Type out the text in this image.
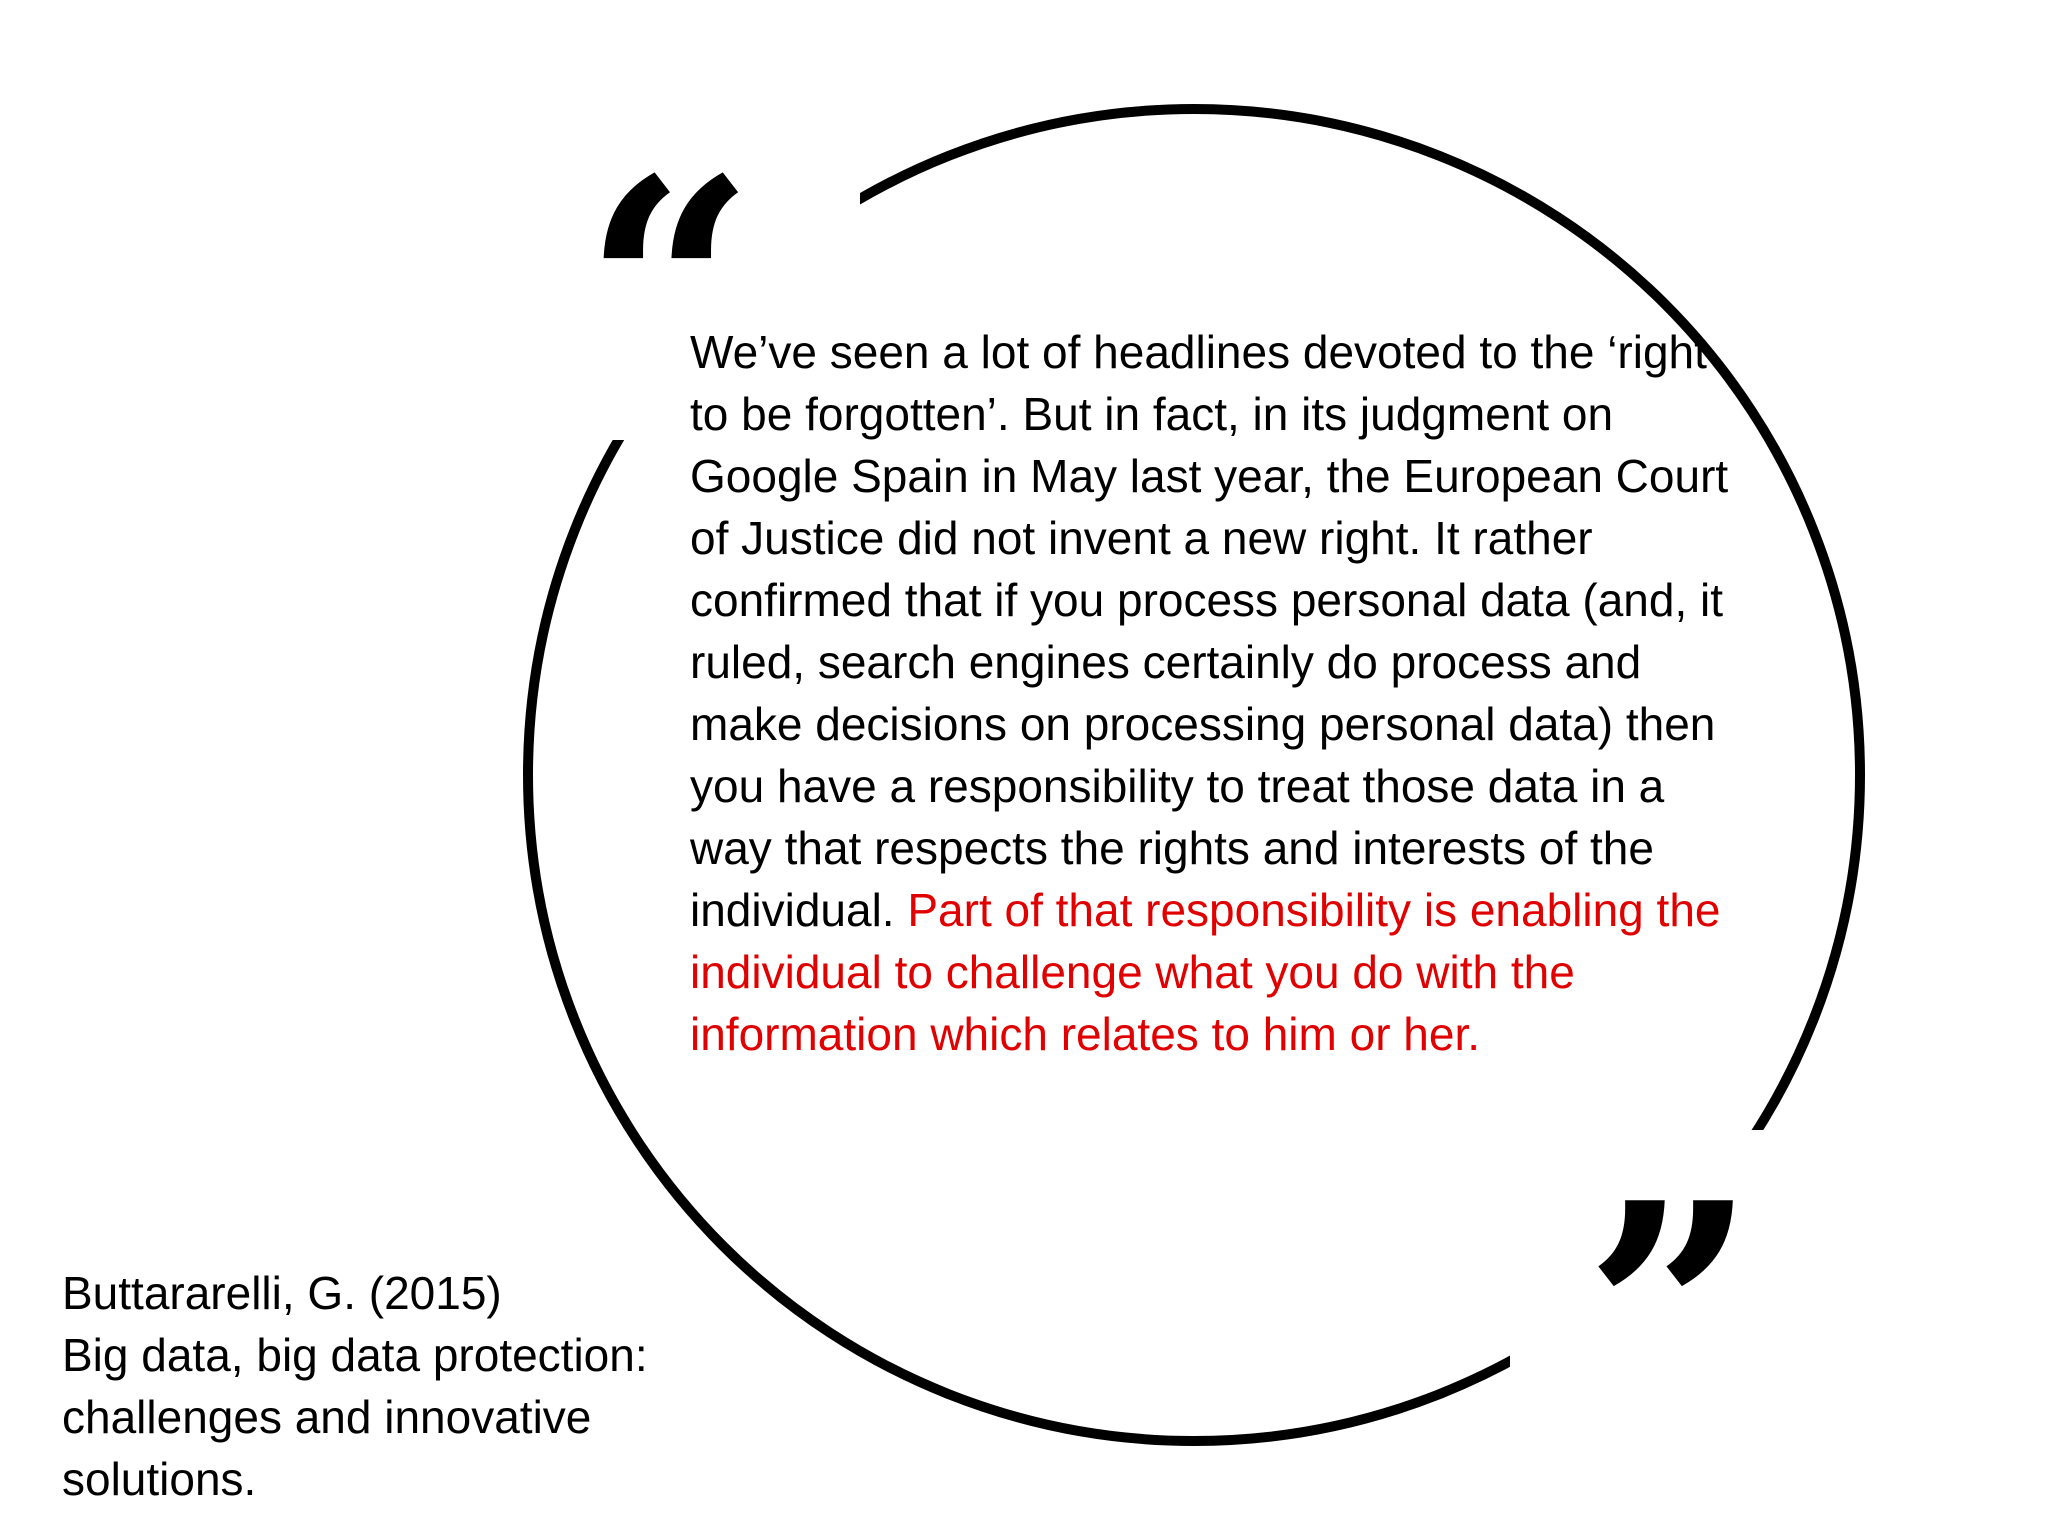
“
”

We’ve seen a lot of headlines devoted to the ‘right to be forgotten’. But in fact, in its judgment on Google Spain in May last year, the European Court of Justice did not invent a new right. It rather confirmed that if you process personal data (and, it ruled, search engines certainly do process and make decisions on processing personal data) then you have a responsibility to treat those data in a way that respects the rights and interests of the individual. Part of that responsibility is enabling the individual to challenge what you do with the information which relates to him or her.

Buttararelli, G. (2015)
Big data, big data protection:
challenges and innovative
solutions.
